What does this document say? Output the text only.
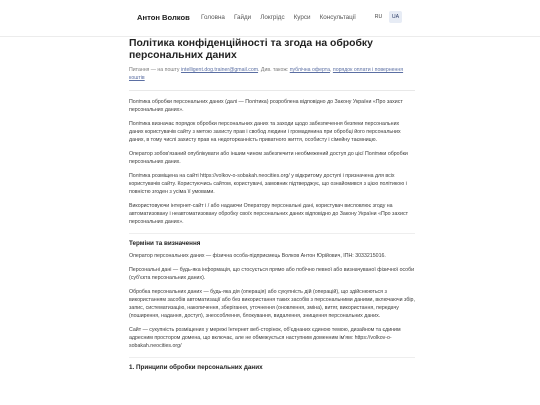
Антон Волков Головна Гайди Локгрідс Курси Консультації	RU	UA
Політика конфіденційності та згода на обробку персональних даних
Питання — на пошту intelligent.dog.trainer@gmail.com. Див. також: публічна оферта, порядок оплати і повернення коштів

Політика обробки персональних даних (далі — Політика) розроблена відповідно до Закону України «Про захист персональних даних».

Політика визначає порядок обробки персональних даних та заходи щодо забезпечення безпеки персональних даних користувачів сайту з метою захисту прав і свобод людини і громадянина при обробці його персональних даних, в тому числі захисту прав на недоторканність приватного життя, особисту і сімейну таємницю.

Оператор зобов'язаний опублікувати або іншим чином забезпечити необмежений доступ до цієї Політики обробки персональних даних.

Політика розміщена на сайті https://volkov-o-sobakah.neocities.org/ у відкритому доступі і призначена для всіх користувачів сайту. Користуючись сайтом, користувачі, замовник підтверджує, що ознайомився з цією політикою і повністю згоден з усіма її умовами.

Використовуючи інтернет-сайт і / або надаючи Оператору персональні дані, користувач висловлює згоду на автоматизовану і неавтоматизовану обробку своїх персональних даних відповідно до Закону України «Про захист персональних даних».

Терміни та визначення

Оператор персональних даних — фізична особа-підприємець Волков Антон Юрійович, ІПН: 3033215016.

Персональні дані — будь-яка інформація, що стосується прямо або побічно певної або визначуваної фізичної особи (суб'єкта персональних даних).

Обробка персональних даних — будь-яка дія (операція) або сукупність дій (операцій), що здійснюються з використанням засобів автоматизації або без використання таких засобів з персональними даними, включаючи збір, запис, систематизацію, накопичення, зберігання, уточнення (оновлення, зміна), витяг, використання, передачу (поширення, надання, доступ), знеособлення, блокування, видалення, знищення персональних даних.

Сайт — сукупність розміщених у мережі Інтернет веб-сторінок, об'єднаних єдиною темою, дизайном та єдиним адресним простором домена, що включає, але не обмежується наступним доменним ім'ям: https://volkov-o-sobakah.neocities.org/

1. Принципи обробки персональних даних
